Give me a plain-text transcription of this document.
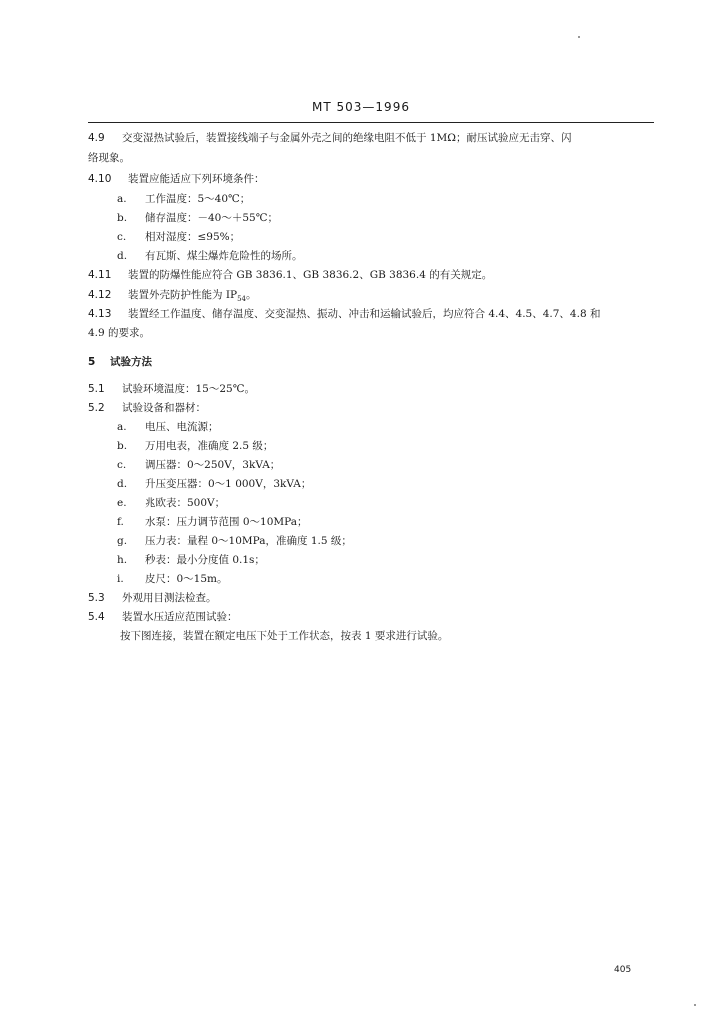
MT 503—1996
4.9 交变湿热试验后，装置接线端子与金属外壳之间的绝缘电阻不低于 1MΩ；耐压试验应无击穿、闪
络现象。
4.10 装置应能适应下列环境条件：
a. 工作温度：5～40℃；
b. 储存温度：－40～＋55℃；
c. 相对湿度：≤95%；
d. 有瓦斯、煤尘爆炸危险性的场所。
4.11 装置的防爆性能应符合 GB 3836.1、GB 3836.2、GB 3836.4 的有关规定。
4.12 装置外壳防护性能为 $IP_{54}$。
4.13 装置经工作温度、储存温度、交变湿热、振动、冲击和运输试验后，均应符合 4.4、4.5、4.7、4.8 和
4.9 的要求。
5 试验方法
5.1 试验环境温度：15～25℃。
5.2 试验设备和器材：
a. 电压、电流源；
b. 万用电表，准确度 2.5 级；
c. 调压器：0～250V，3kVA；
d. 升压变压器：0～1 000V，3kVA；
e. 兆欧表：500V；
f. 水泵：压力调节范围 0～10MPa；
g. 压力表：量程 0～10MPa，准确度 1.5 级；
h. 秒表：最小分度值 0.1s；
i. 皮尺：0～15m。
5.3 外观用目测法检查。
5.4 装置水压适应范围试验：
按下图连接，装置在额定电压下处于工作状态，按表 1 要求进行试验。
405
